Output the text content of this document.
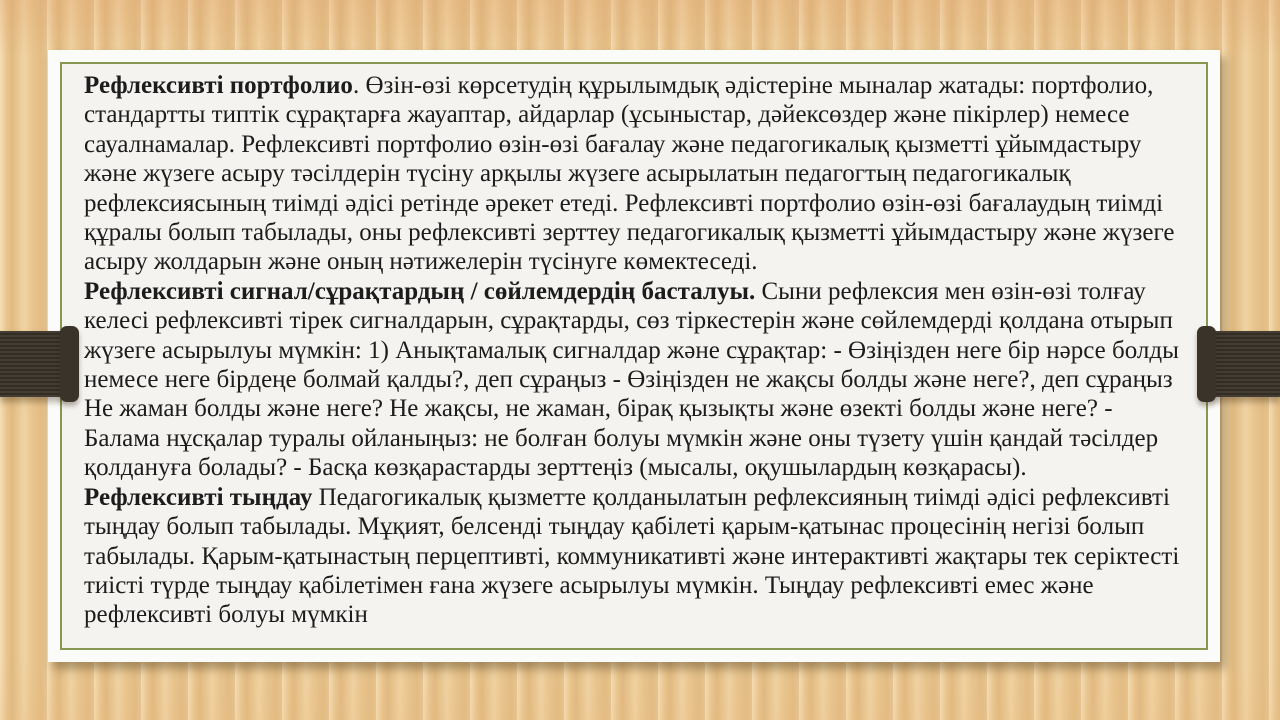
Рефлексивті портфолио. Өзін-өзі көрсетудің құрылымдық әдістеріне мыналар жатады: портфолио, стандартты типтік сұрақтарға жауаптар, айдарлар (ұсыныстар, дәйексөздер және пікірлер) немесе сауалнамалар. Рефлексивті портфолио өзін-өзі бағалау және педагогикалық қызметті ұйымдастыру және жүзеге асыру тәсілдерін түсіну арқылы жүзеге асырылатын педагогтың педагогикалық рефлексиясының тиімді әдісі ретінде әрекет етеді. Рефлексивті портфолио өзін-өзі бағалаудың тиімді құралы болып табылады, оны рефлексивті зерттеу педагогикалық қызметті ұйымдастыру және жүзеге асыру жолдарын және оның нәтижелерін түсінуге көмектеседі.

Рефлексивті сигнал/сұрақтардың / сөйлемдердің басталуы. Сыни рефлексия мен өзін-өзі толғау келесі рефлексивті тірек сигналдарын, сұрақтарды, сөз тіркестерін және сөйлемдерді қолдана отырып жүзеге асырылуы мүмкін: 1) Анықтамалық сигналдар және сұрақтар: - Өзіңізден неге бір нәрсе болды немесе неге бірдеңе болмай қалды?, деп сұраңыз - Өзіңізден не жақсы болды және неге?, деп сұраңыз Не жаман болды және неге? Не жақсы, не жаман, бірақ қызықты және өзекті болды және неге? - Балама нұсқалар туралы ойланыңыз: не болған болуы мүмкін және оны түзету үшін қандай тәсілдер қолдануға болады? - Басқа көзқарастарды зерттеңіз (мысалы, оқушылардың көзқарасы).

Рефлексивті тыңдау Педагогикалық қызметте қолданылатын рефлексияның тиімді әдісі рефлексивті тыңдау болып табылады. Мұқият, белсенді тыңдау қабілеті қарым-қатынас процесінің негізі болып табылады. Қарым-қатынастың перцептивті, коммуникативті және интерактивті жақтары тек серіктесті тиісті түрде тыңдау қабілетімен ғана жүзеге асырылуы мүмкін. Тыңдау рефлексивті емес және рефлексивті болуы мүмкін
